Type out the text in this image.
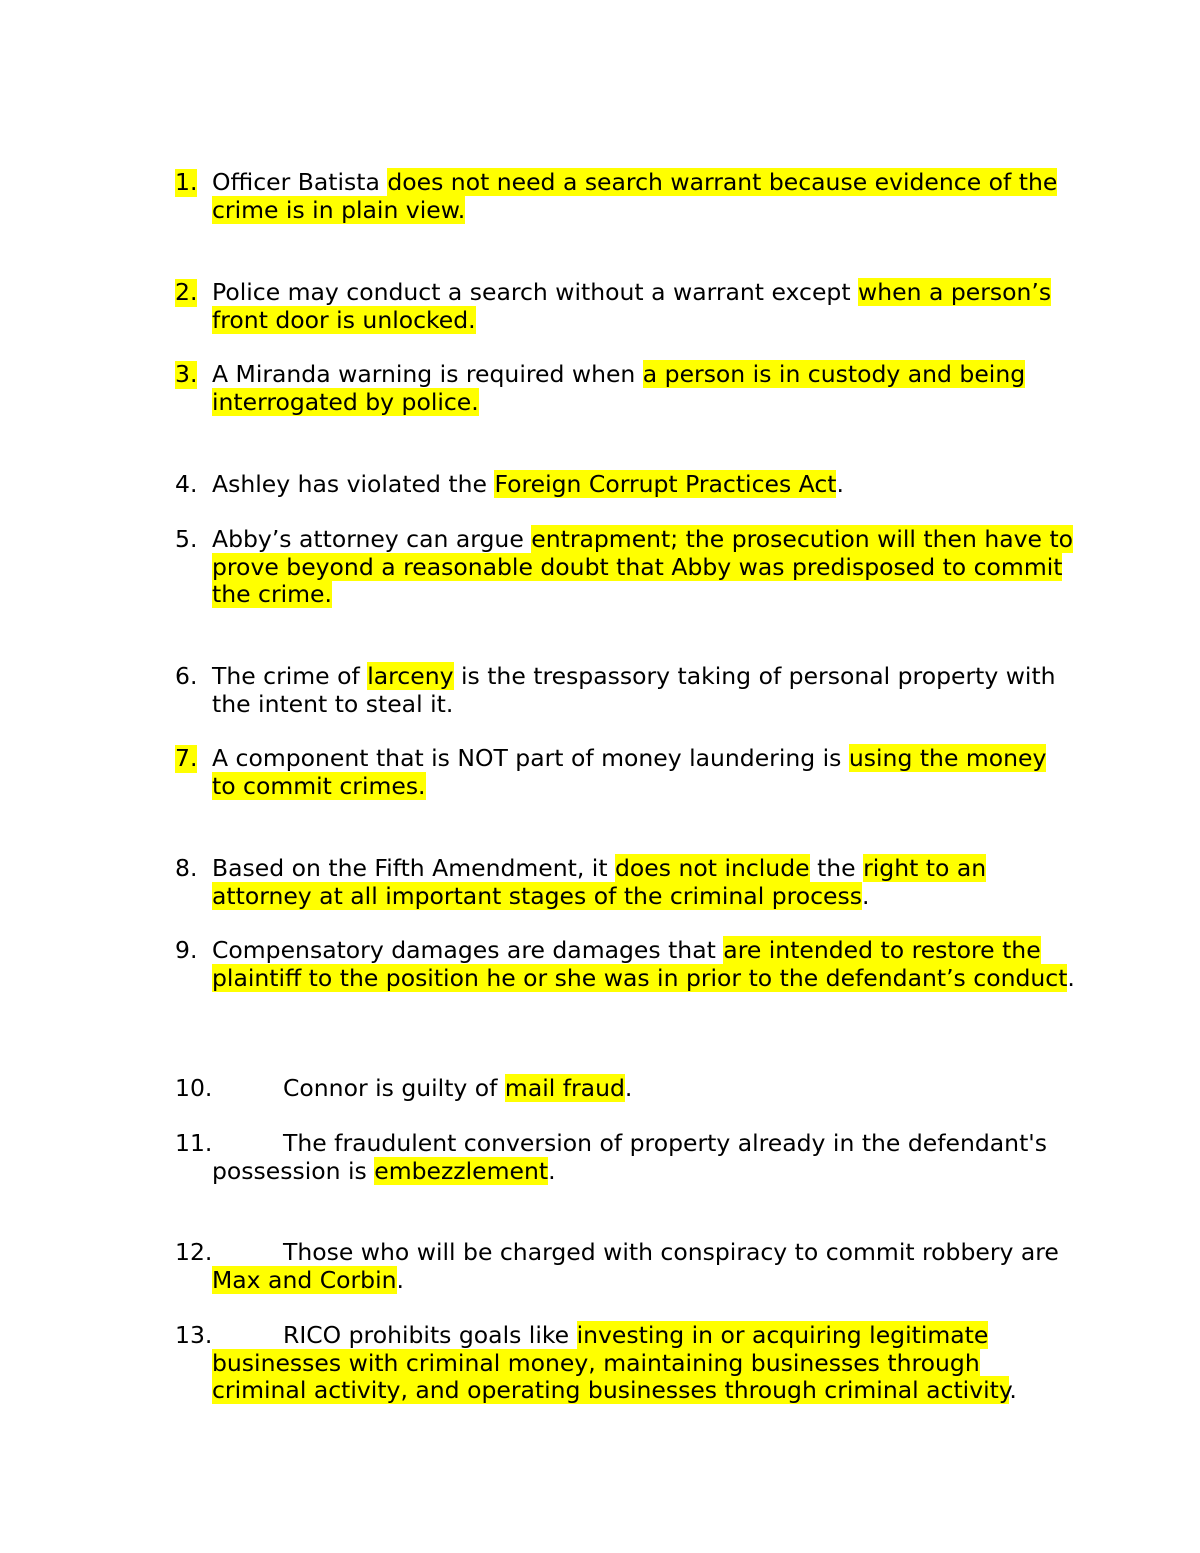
1. Officer Batista does not need a search warrant because evidence of the crime is in plain view.
2. Police may conduct a search without a warrant except when a person’s front door is unlocked.
3. A Miranda warning is required when a person is in custody and being interrogated by police.
4. Ashley has violated the Foreign Corrupt Practices Act.
5. Abby’s attorney can argue entrapment; the prosecution will then have to prove beyond a reasonable doubt that Abby was predisposed to commit the crime.
6. The crime of larceny is the trespassory taking of personal property with the intent to steal it.
7. A component that is NOT part of money laundering is using the money to commit crimes.
8. Based on the Fifth Amendment, it does not include the right to an attorney at all important stages of the criminal process.
9. Compensatory damages are damages that are intended to restore the plaintiff to the position he or she was in prior to the defendant’s conduct.
10.	Connor is guilty of mail fraud.
11.	The fraudulent conversion of property already in the defendant's possession is embezzlement.
12.	Those who will be charged with conspiracy to commit robbery are Max and Corbin.
13.	RICO prohibits goals like investing in or acquiring legitimate businesses with criminal money, maintaining businesses through criminal activity, and operating businesses through criminal activity.
